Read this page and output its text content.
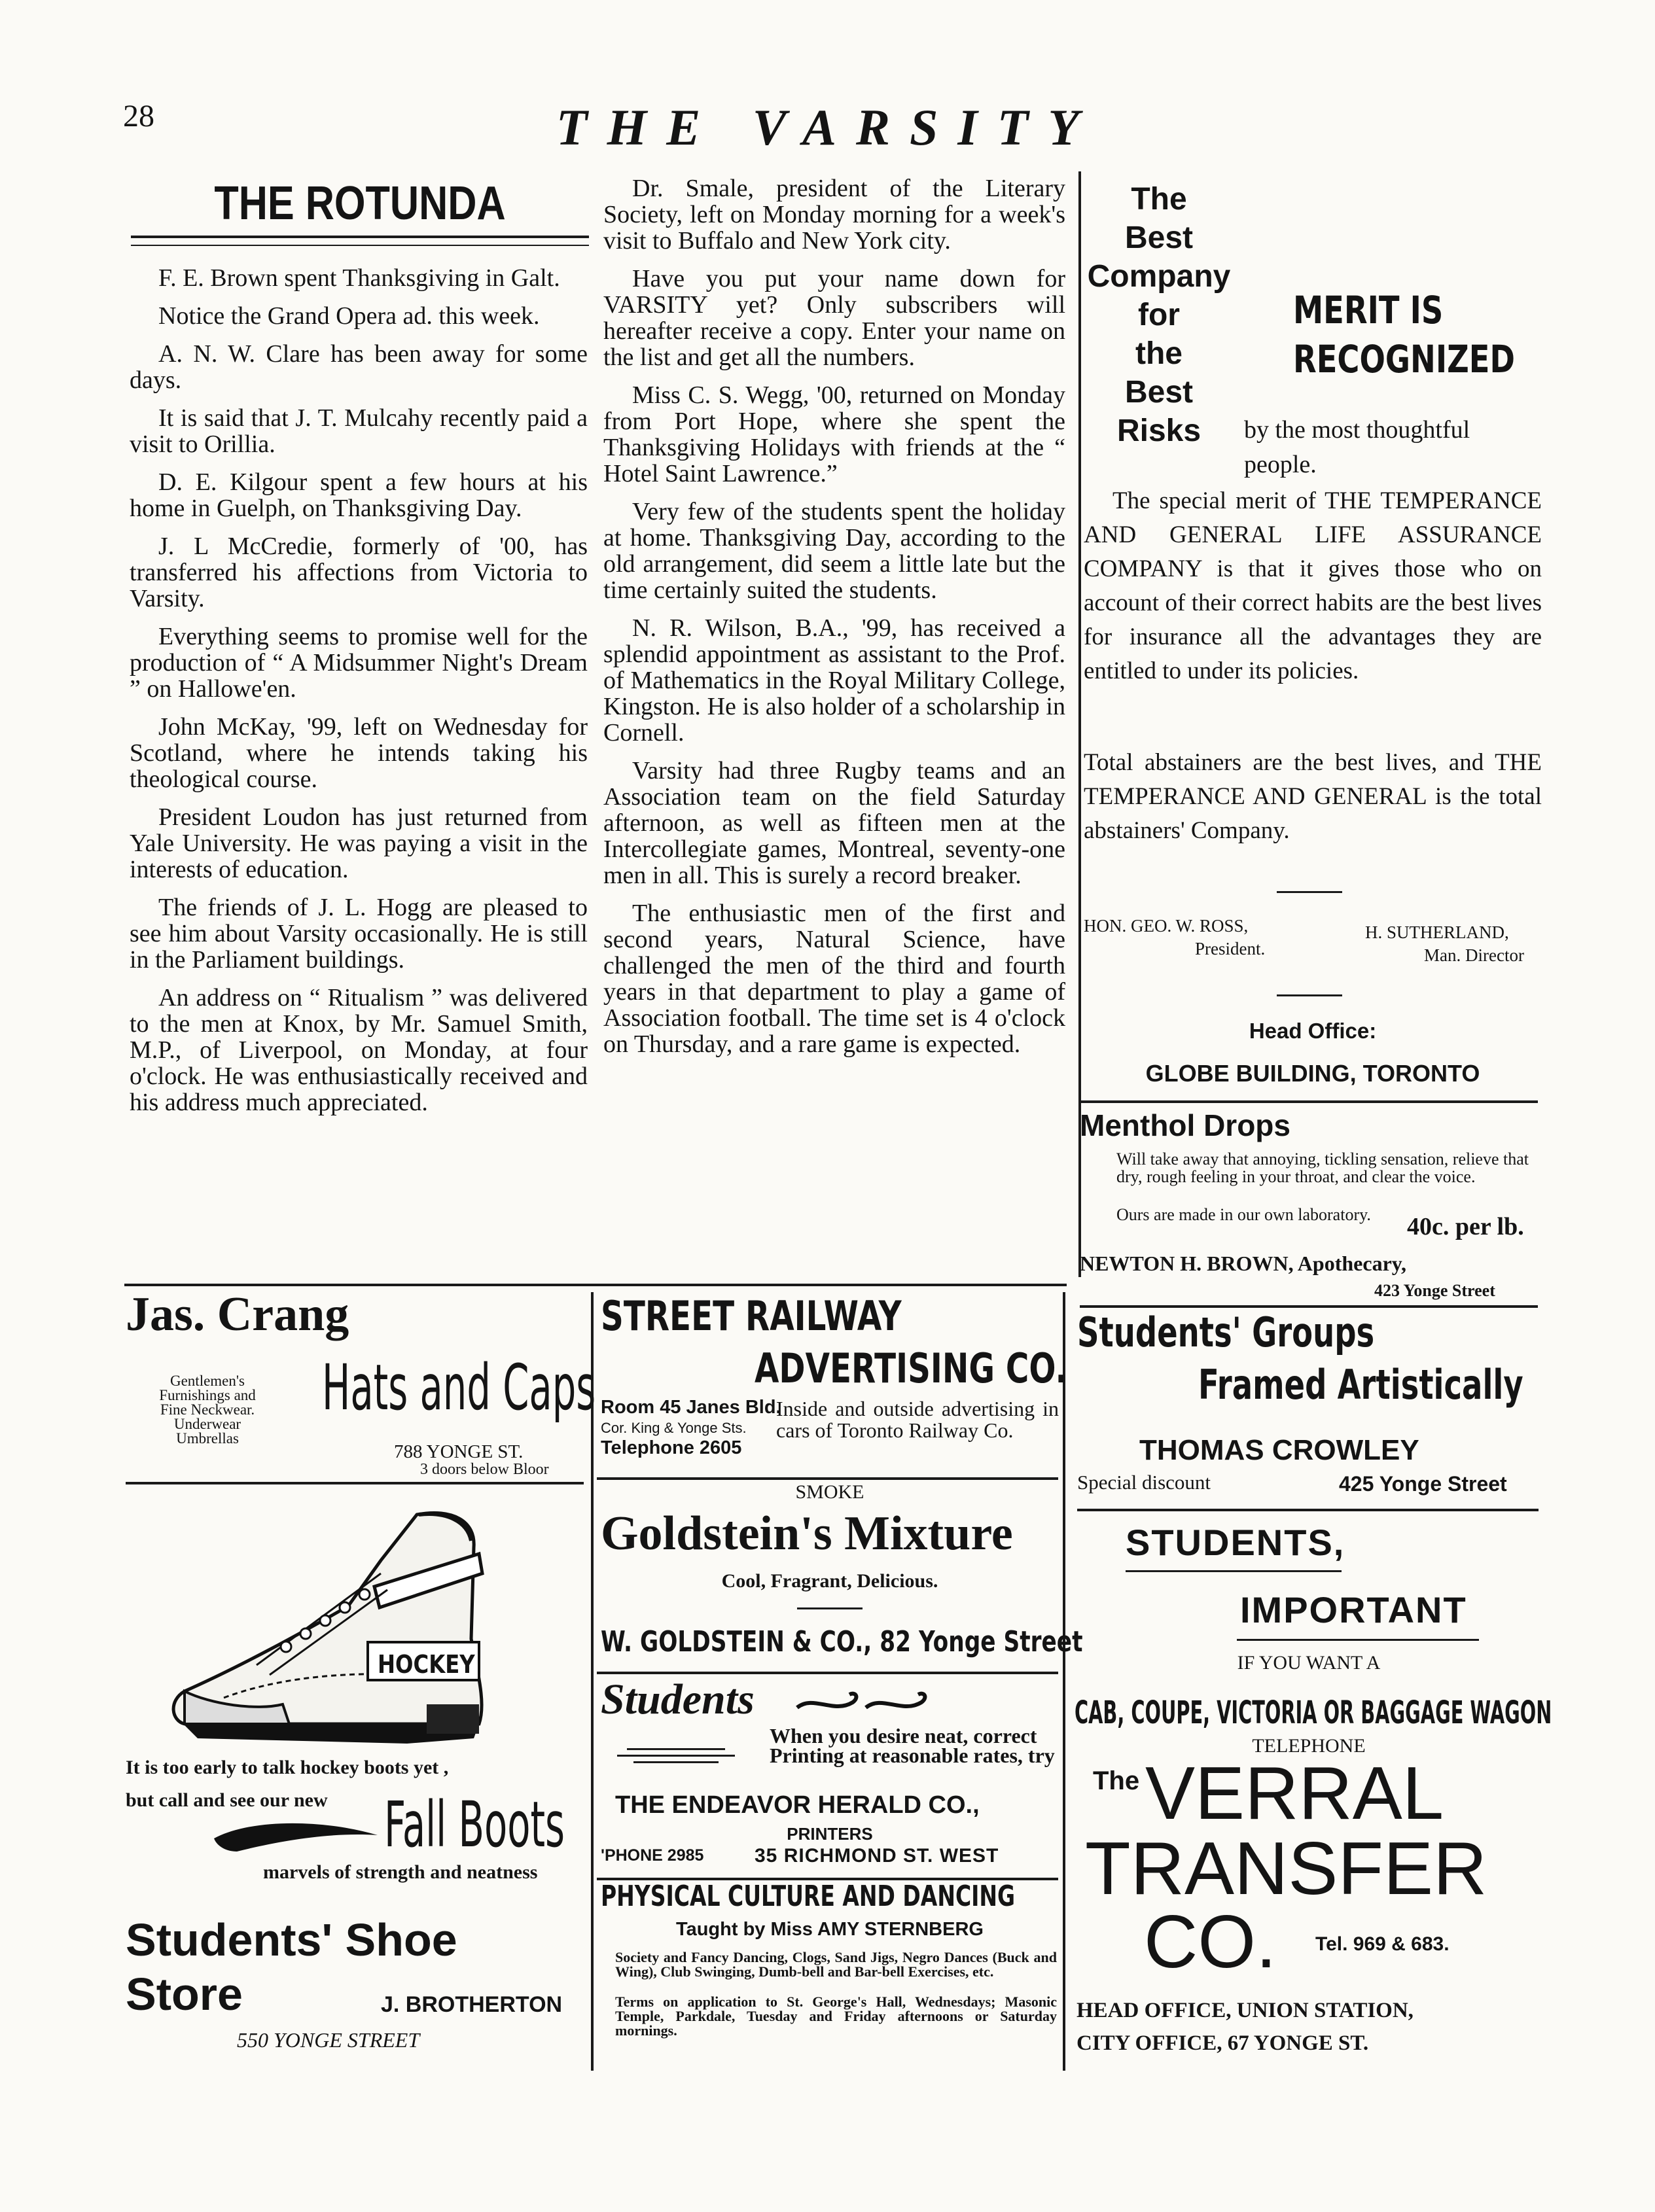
28	THE VARSITY
THE ROTUNDA

F. E. Brown spent Thanksgiving in Galt.

Notice the Grand Opera ad. this week.

A. N. W. Clare has been away for some days.

It is said that J. T. Mulcahy recently paid a visit to Orillia.

D. E. Kilgour spent a few hours at his home in Guelph, on Thanksgiving Day.

J. L McCredie, formerly of '00, has transferred his affections from Victoria to Varsity.

Everything seems to promise well for the production of “ A Midsummer Night's Dream ” on Hallowe'en.

John McKay, '99, left on Wednesday for Scotland, where he intends taking his theological course.

President Loudon has just returned from Yale University. He was paying a visit in the interests of education.

The friends of J. L. Hogg are pleased to see him about Varsity occasionally. He is still in the Parliament buildings.

An address on “ Ritualism ” was delivered to the men at Knox, by Mr. Samuel Smith, M.P., of Liverpool, on Monday, at four o'clock. He was enthusiastically received and his address much appreciated.

Dr. Smale, president of the Literary Society, left on Monday morning for a week's visit to Buffalo and New York city.

Have you put your name down for VARSITY yet? Only subscribers will hereafter receive a copy. Enter your name on the list and get all the numbers.

Miss C. S. Wegg, '00, returned on Monday from Port Hope, where she spent the Thanksgiving Holidays with friends at the “ Hotel Saint Lawrence.”

Very few of the students spent the holiday at home. Thanksgiving Day, according to the old arrangement, did seem a little late but the time certainly suited the students.

N. R. Wilson, B.A., '99, has received a splendid appointment as assistant to the Prof. of Mathematics in the Royal Military College, Kingston. He is also holder of a scholarship in Cornell.

Varsity had three Rugby teams and an Association team on the field Saturday afternoon, as well as fifteen men at the Intercollegiate games, Montreal, seventy-one men in all. This is surely a record breaker.

The enthusiastic men of the first and second years, Natural Science, have challenged the men of the third and fourth years in that department to play a game of Association football. The time set is 4 o'clock on Thursday, and a rare game is expected.

The
Best
Company
for
the
Best
Risks
MERIT IS
RECOGNIZED
by the most thoughtful
people.

The special merit of THE TEMPERANCE AND GENERAL LIFE ASSURANCE COMPANY is that it gives those who on account of their correct habits are the best lives for insurance all the advantages they are entitled to under its policies.

Total abstainers are the best lives, and THE TEMPERANCE AND GENERAL is the total abstainers' Company.

HON. GEO. W. ROSS,
President.
H. SUTHERLAND,
Man. Director
Head Office:
GLOBE BUILDING, TORONTO
Menthol Drops
Will take away that annoying, tickling sensation, relieve that dry, rough feeling in your throat, and clear the voice.
Ours are made in our own laboratory. 40c. per lb.
NEWTON H. BROWN, Apothecary,
423 Yonge Street
Jas. Crang
Gentlemen's
Furnishings and
Fine Neckwear.
Underwear
Umbrellas
Hats and Caps
788 YONGE ST.
3 doors below Bloor
STREET RAILWAY
ADVERTISING CO.
Room 45 Janes Bld.
Cor. King & Yonge Sts.
Telephone 2605
Inside and outside advertising in cars of Toronto Railway Co.
Students' Groups
Framed Artistically
THOMAS CROWLEY
Special discount	425 Yonge Street
SMOKE
Goldstein's Mixture
Cool, Fragrant, Delicious.
W. GOLDSTEIN & CO., 82 Yonge Street
HOCKEY
It is too early to talk hockey boots yet ,
but call and see our new Fall Boots
marvels of strength and neatness
Students' Shoe
Store	J. BROTHERTON
550 YONGE STREET
Students
When you desire neat, correct Printing at reasonable rates, try
THE ENDEAVOR HERALD CO.,
PRINTERS
'PHONE 2985	35 RICHMOND ST. WEST
PHYSICAL CULTURE AND DANCING
Taught by Miss AMY STERNBERG
Society and Fancy Dancing, Clogs, Sand Jigs, Negro Dances (Buck and Wing), Club Swinging, Dumb-bell and Bar-bell Exercises, etc.
Terms on application to St. George's Hall, Wednesdays; Masonic Temple, Parkdale, Tuesday and Friday afternoons or Saturday mornings.
STUDENTS,
IMPORTANT
IF YOU WANT A
CAB, COUPE, VICTORIA OR BAGGAGE WAGON
TELEPHONE
The VERRAL
TRANSFER
CO. Tel. 969 & 683.
HEAD OFFICE, UNION STATION,
CITY OFFICE, 67 YONGE ST.
